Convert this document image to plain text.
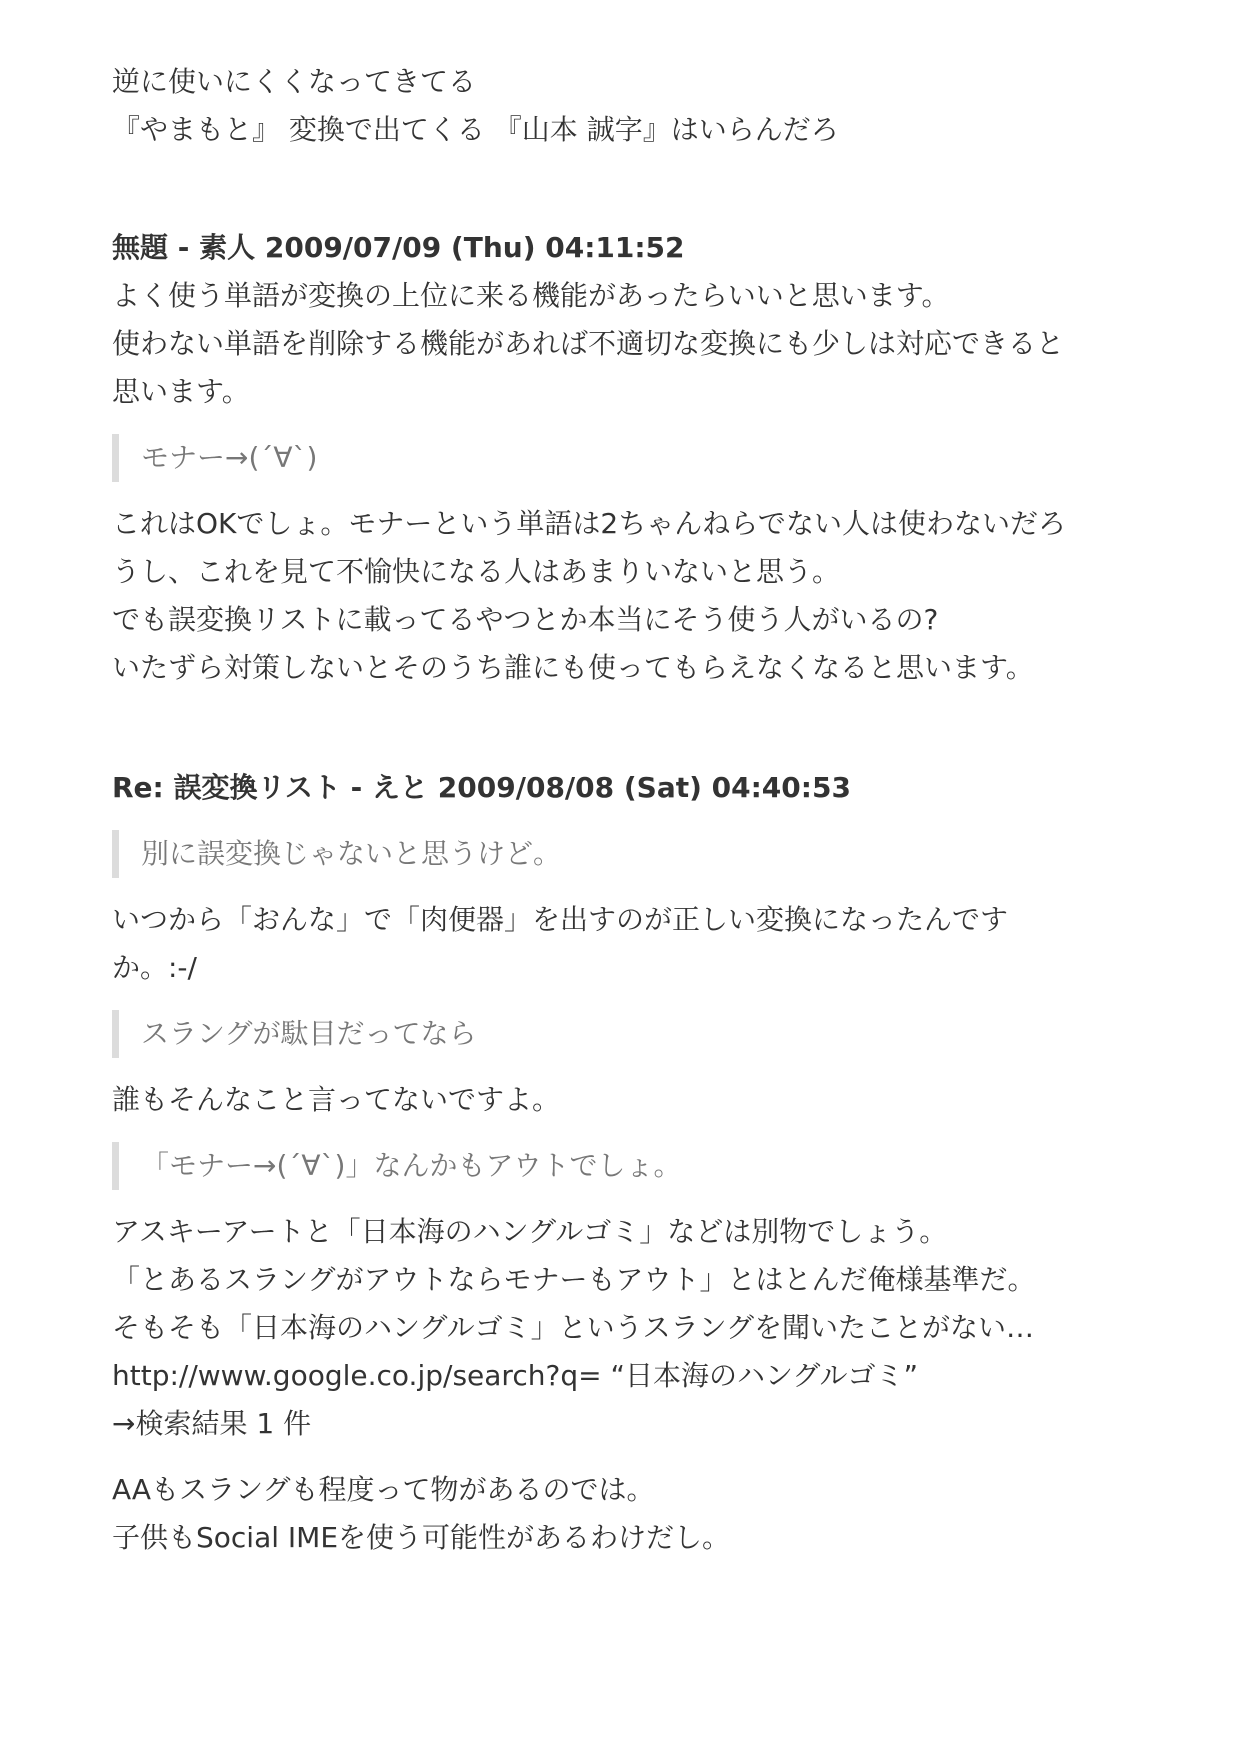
逆に使いにくくなってきてる

『やまもと』 変換で出てくる 『山本 誠字』はいらんだろ

無題 - 素人 2009/07/09 (Thu) 04:11:52

よく使う単語が変換の上位に来る機能があったらいいと思います。

使わない単語を削除する機能があれば不適切な変換にも少しは対応できると

思います。

モナー→(´∀`)

これはOKでしょ。モナーという単語は2ちゃんねらでない人は使わないだろ

うし、これを見て不愉快になる人はあまりいないと思う。

でも誤変換リストに載ってるやつとか本当にそう使う人がいるの?

いたずら対策しないとそのうち誰にも使ってもらえなくなると思います。

Re: 誤変換リスト - えと 2009/08/08 (Sat) 04:40:53

別に誤変換じゃないと思うけど。

いつから「おんな」で「肉便器」を出すのが正しい変換になったんです

か。:-/

スラングが駄目だってなら

誰もそんなこと言ってないですよ。

「モナー→(´∀`)」なんかもアウトでしょ。

アスキーアートと「日本海のハングルゴミ」などは別物でしょう。

「とあるスラングがアウトならモナーもアウト」とはとんだ俺様基準だ。

そもそも「日本海のハングルゴミ」というスラングを聞いたことがない…

http://www.google.co.jp/search?q= “日本海のハングルゴミ”

→検索結果 1 件

AAもスラングも程度って物があるのでは。

子供もSocial IMEを使う可能性があるわけだし。
